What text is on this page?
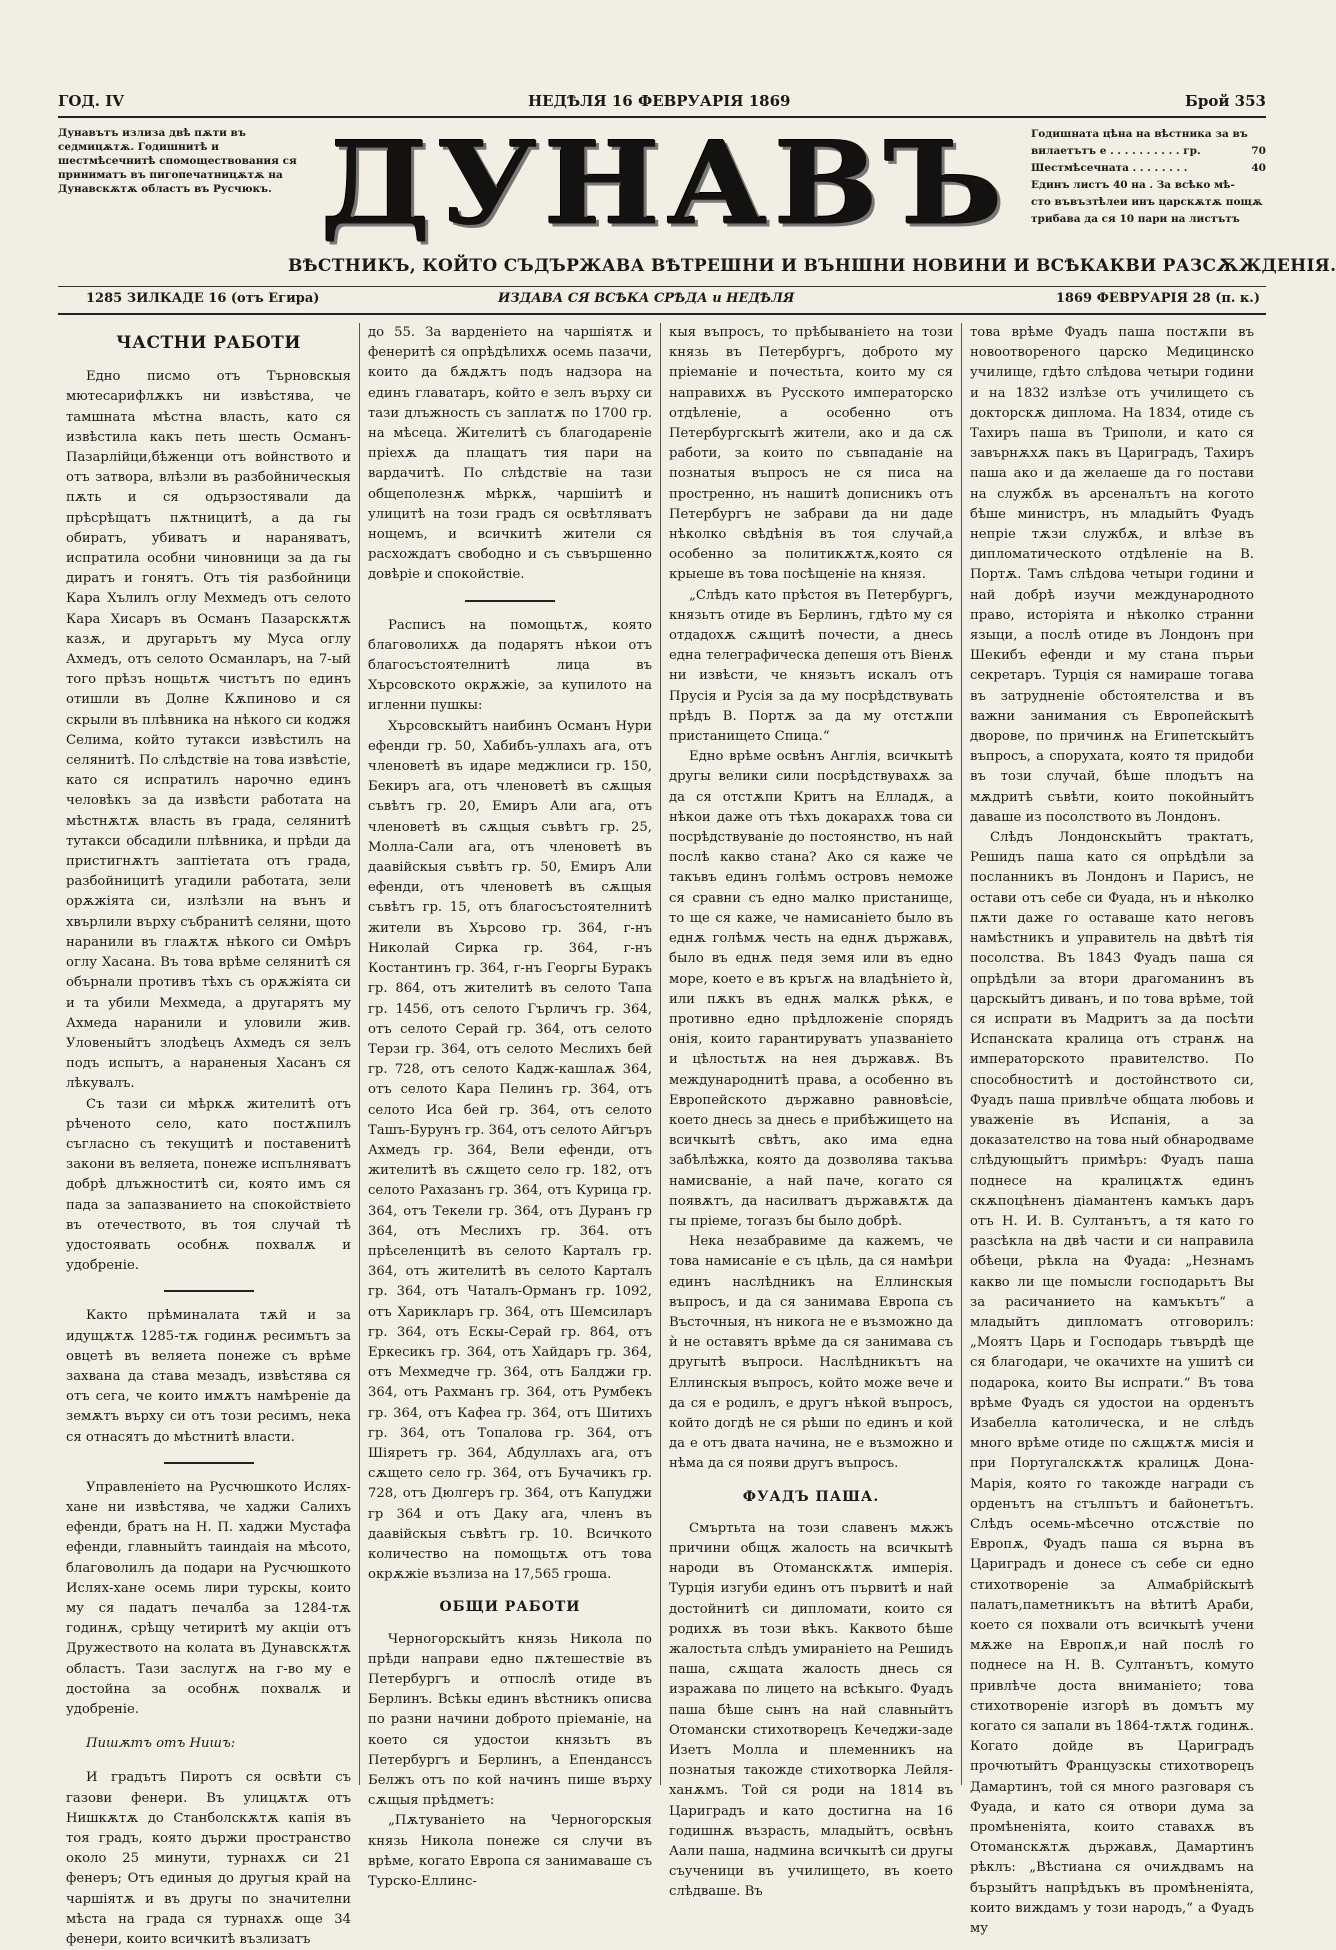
ГОД. IV	НЕДѢЛЯ 16 ФЕВРУАРІЯ 1869	Брой 353
Дунавътъ излиза двѣ пѫти въ седмицѫтѫ. Годишнитѣ и шестмѣсечнитѣ спомоществования ся приниматъ въ пигопечатницѫтѫ на Дунавскѫтѫ областъ въ Русчюкъ. ДУНАВЪ
ВѢСТНИКЪ, КОЙТО СЪДЪРЖАВА ВѢТРЕШНИ И ВЪНШНИ НОВИНИ И ВСѢКАКВИ РАЗСѪЖДЕНІЯ.
Годишната цѣна на вѣстника за въ
вилаетътъ е . . . . . . . . . . гр.	70
Шестмѣсечната . . . . . . . .	40
Единъ листъ 40 на . За всѣко мѣ-
сто въвъзтѣлеи инъ царскѫтѫ пощѫ
трибава да ся 10 пари на листътъ
1285 ЗИЛКАДЕ 16 (отъ Егира)	ИЗДАВА СЯ ВСѢКА СРѢДА и НЕДѢЛЯ	1869 ФЕВРУАРІЯ 28 (п. к.)
ЧАСТНИ РАБОТИ

Едно писмо отъ Търновскыя мютесарифлѫкъ ни извѣстява, че тамшната мѣстна власть, като ся извѣстила какъ петь шесть Османъ-Пазарлійци,бѣженци отъ войнството и отъ затвора, влѣзли въ разбойническыя пѫть и ся одързостявали да прѣсрѣщатъ пѫтницитѣ, а да гы обиратъ, убиватъ и нараняватъ, испратила особни чиновници за да гы диратъ и гонятъ. Отъ тія разбойници Кара Хълилъ оглу Мехмедъ отъ селото Кара Хисаръ въ Османъ Пазарскѫтѫ казѫ, и другарьтъ му Муса оглу Ахмедъ, отъ селото Османларъ, на 7-ый того прѣзъ нощьтѫ чистътъ по единъ отишли въ Долне Кѫпиново и ся скрыли въ плѣвника на нѣкого си коджя Селима, който тутакси извѣстилъ на селянитѣ. По слѣдствіе на това извѣстіе, като ся испратилъ нарочно единъ человѣкъ за да извѣсти работата на мѣстнѫтѫ власть въ града, селянитѣ тутакси обсадили плѣвника, и прѣди да пристигнѫтъ заптіетата отъ града, разбойницитѣ угадили работата, зели орѫжіята си, излѣзли на вънъ и хвърлили върху събранитѣ селяни, щото наранили въ глаѫтѫ нѣкого си Омѣръ оглу Хасана. Въ това врѣме селянитѣ ся обърнали противъ тѣхъ съ орѫжіята си и та убили Мехмеда, а другарятъ му Ахмеда наранили и уловили жив. Уловеныйтъ злодѣецъ Ахмедъ ся зелъ подъ испытъ, а нараненыя Хасанъ ся лѣкувалъ.

Съ тази си мѣркѫ жителитѣ отъ рѣченото село, като постѫпилъ съгласно съ текущитѣ и поставенитѣ закони въ веляета, понеже испълняватъ добрѣ длъжноститѣ си, която имъ ся пада за запазванието на спокойствіето въ отечеството, въ тоя случай тѣ удостоявать особнѫ похвалѫ и удобреніе.

Както прѣминалата тѫй и за идущѫтѫ 1285-тѫ годинѫ ресимътъ за овцетѣ въ веляета понеже съ врѣме захвана да става мезадъ, извѣстява ся отъ сега, че които имѫтъ намѣреніе да земѫтъ върху си отъ този ресимъ, нека ся отнасятъ до мѣстнитѣ власти.

Управленіето на Русчюшкото Ислях-хане ни извѣстява, че хаджи Салихъ ефенди, братъ на Н. П. хаджи Мустафа ефенди, главныйтъ таиндаія на мѣсото, благоволилъ да подари на Русчюшкото Ислях-хане осемь лири турскы, които му ся падатъ печалба за 1284-тѫ годинѫ, срѣщу четиритѣ му акціи отъ Дружеството на колата въ Дунавскѫтѫ областъ. Тази заслугѫ на г-во му е достойна за особнѫ похвалѫ и удобреніе.

Пишѫтъ отъ Нишъ:

И градътъ Пиротъ ся освѣти съ газови фенери. Въ улицѫтѫ отъ Нишкѫтѫ до Станболскѫтѫ капія въ тоя градъ, която държи пространство около 25 минути, турнахѫ си 21 фенеръ; Отъ единыя до другыя край на чаршіятѫ и въ другы по значителни мѣста на града ся турнахѫ още 34 фенери, които всичкитѣ възлизатъ

до 55. За варденіето на чаршіятѫ и фенеритѣ ся опрѣдѣлихѫ осемь пазачи, които да бѫдѫтъ подъ надзора на единъ главатаръ, който е зелъ върху си тази длъжность съ заплатѫ по 1700 гр. на мѣсеца. Жителитѣ съ благодареніе пріехѫ да плащатъ тия пари на вардачитѣ. По слѣдствіе на тази общеполезнѫ мѣркѫ, чаршіитѣ и улицитѣ на този градъ ся освѣтляватъ нощемъ, и всичкитѣ жители ся расхождатъ свободно и съ съвършенно довѣріе и спокойствіе.

Расписъ на помощьтѫ, която благоволихѫ да подарятъ нѣкои отъ благосъстоятелнитѣ лица въ Хърсовското окрѫжіе, за купилото на игленни пушкы:

Хърсовскыйтъ наибинъ Османъ Нури ефенди гр. 50, Хабибъ-уллахъ ага, отъ членоветѣ въ идаре меджлиси гр. 150, Бекиръ ага, отъ членоветѣ въ сѫщыя съвѣтъ гр. 20, Емиръ Али ага, отъ членоветѣ въ сѫщыя съвѣтъ гр. 25, Молла-Сали ага, отъ членоветѣ въ даавійскыя съвѣтъ гр. 50, Емиръ Али ефенди, отъ членоветѣ въ сѫщыя съвѣтъ гр. 15, отъ благосъстоятелнитѣ жители въ Хърсово гр. 364, г-нъ Николай Сирка гр. 364, г-нъ Костантинъ гр. 364, г-нъ Георгы Буракъ гр. 864, отъ жителитѣ въ селото Тапа гр. 1456, отъ селото Гърличъ гр. 364, отъ селото Серай гр. 364, отъ селото Терзи гр. 364, отъ селото Меслихъ бей гр. 728, отъ селото Кадж-кашлаѫ 364, отъ селото Кара Пелинъ гр. 364, отъ селото Иса бей гр. 364, отъ селото Ташъ-Бурунъ гр. 364, отъ селото Айгъръ Ахмедъ гр. 364, Вели ефенди, отъ жителитѣ въ сѫщето село гр. 182, отъ селото Рахазанъ гр. 364, отъ Курица гр. 364, отъ Текели гр. 364, отъ Дуранъ гр 364, отъ Меслихъ гр. 364. отъ прѣселенцитѣ въ селото Карталъ гр. 364, отъ жителитѣ въ селото Карталъ гр. 364, отъ Чаталъ-Орманъ гр. 1092, отъ Харикларъ гр. 364, отъ Шемсиларъ гр. 364, отъ Ескы-Серай гр. 864, отъ Еркесикъ гр. 364, отъ Хайдаръ гр. 364, отъ Мехмедче гр. 364, отъ Балджи гр. 364, отъ Рахманъ гр. 364, отъ Румбекъ гр. 364, отъ Кафеа гр. 364, отъ Шитихъ гр. 364, отъ Топалова гр. 364, отъ Шіяретъ гр. 364, Абдуллахъ ага, отъ сѫщето село гр. 364, отъ Бучачикъ гр. 728, отъ Дюлгеръ гр. 364, отъ Капуджи гр 364 и отъ Даку ага, членъ въ даавійскыя съвѣтъ гр. 10. Всичкото количество на помощьтѫ отъ това окрѫжіе възлиза на 17,565 гроша.

ОБЩИ РАБОТИ

Черногорскыйтъ князь Никола по прѣди направи едно пѫтешествіе въ Петербургъ и отпослѣ отиде въ Берлинъ. Всѣкы единъ вѣстникъ описва по разни начини доброто пріеманіе, на което ся удостои князьтъ въ Петербургъ и Берлинъ, а Епенданссъ Белжъ отъ по кой начинъ пише върху сѫщыя прѣдметъ:

„Пѫтуваніето на Черногорскыя князь Никола понеже ся случи въ врѣме, когато Европа ся занимаваше съ Турско-Еллинс-

кыя въпросъ, то прѣбываніето на този князь въ Петербургъ, доброто му пріеманіе и почестьта, които му ся направихѫ въ Русското императорско отдѣленіе, а особенно отъ Петербургскытѣ жители, ако и да сѫ работи, за които по съвпаданіе на познатыя въпросъ не ся писа на простренно, нъ нашитѣ дописникъ отъ Петербургъ не забрави да ни даде нѣколко свѣдѣнія въ тоя случай,а особенно за политикѫтѫ,която ся крыеше въ това посѣщеніе на князя.

„Слѣдъ като прѣстоя въ Петербургъ, князьтъ отиде въ Берлинъ, гдѣто му ся отдадохѫ сѫщитѣ почести, а днесь една телеграфическа депешя отъ Віенѫ ни извѣсти, че князьтъ искалъ отъ Прусія и Русія за да му посрѣдствувать прѣдъ В. Портѫ за да му отстѫпи пристанището Спица.“

Едно врѣме освѣнъ Англія, всичкытѣ другы велики сили посрѣдствувахѫ за да ся отстѫпи Критъ на Елладѫ, а нѣкои даже отъ тѣхъ докарахѫ това си посрѣдствуваніе до постоянство, нъ най послѣ какво стана? Ако ся каже че такъвъ единъ голѣмъ островъ неможе ся сравни съ едно малко пристанище, то ще ся каже, че намисаніето было въ еднѫ голѣмѫ честь на еднѫ държавѫ, было въ еднѫ педя земя или въ едно море, което е въ кръгѫ на владѣніето ѝ, или пѫкъ въ еднѫ малкѫ рѣкѫ, е противно едно прѣдложеніе спорядъ онія, които гарантируватъ упазваніето и цѣлостьтѫ на нея държавѫ. Въ международнитѣ права, а особенно въ Европейското държавно равновѣсіе, което днесь за днесь е прибѣжището на всичкытѣ свѣтъ, ако има една забѣлѣжка, която да дозволява такъва намисваніе, а най паче, когато ся появѫтъ, да насилватъ държавѫтѫ да гы пріеме, тогазъ бы было добрѣ.

Нека незабравиме да кажемъ, че това намисаніе е съ цѣль, да ся намѣри единъ наслѣдникъ на Еллинскыя въпросъ, и да ся занимава Европа съ Въсточныя, нъ никога не е възможно да ѝ не оставятъ врѣме да ся занимава съ другытѣ въпроси. Наслѣдникътъ на Еллинскыя въпросъ, който може вече и да ся е родилъ, е другъ нѣкой въпросъ, който догдѣ не ся рѣши по единъ и кой да е отъ двата начина, не е възможно и нѣма да ся появи другъ въпросъ.

ФУАДЪ ПАША.

Смъртьта на този славенъ мѫжъ причини общѫ жалость на всичкытѣ народи въ Отоманскѫтѫ имперія. Турція изгуби единъ отъ първитѣ и най достойнитѣ си дипломати, които ся родихѫ въ този вѣкъ. Каквото бѣше жалостьта слѣдъ умираніето на Решидъ паша, сѫщата жалость днесь ся изражава по лицето на всѣкыго. Фуадъ паша бѣше сынъ на най славныйтъ Отомански стихотворецъ Кечеджи-заде Изетъ Молла и племенникъ на познатыя такожде стихотворка Лейля-ханѫмъ. Той ся роди на 1814 въ Цариградъ и като достигна на 16 годишнѫ възрасть, младыйтъ, освѣнъ Аали паша, надмина всичкытѣ си другы съученици въ училището, въ което слѣдваше. Въ

това врѣме Фуадъ паша постѫпи въ новоотвореного царско Медицинско училище, гдѣто слѣдова четыри години и на 1832 излѣзе отъ училището съ докторскѫ диплома. На 1834, отиде съ Тахиръ паша въ Триполи, и като ся завърнѫхѫ пакъ въ Цариградъ, Тахиръ паша ако и да желаеше да го постави на службѫ въ арсеналътъ на когото бѣше министръ, нъ младыйтъ Фуадъ непріе тѫзи службѫ, и влѣзе въ дипломатическото отдѣленіе на В. Портѫ. Тамъ слѣдова четыри години и най добрѣ изучи международното право, исторіята и нѣколко странни языци, а послѣ отиде въ Лондонъ при Шекибъ ефенди и му стана пърьи секретаръ. Турція ся намираше тогава въ затрудненіе обстоятелства и въ важни занимания съ Европейскытѣ дворове, по причинѫ на Египетскыйтъ въпросъ, а спорухата, която тя придоби въ този случай, бѣше плодътъ на мѫдритѣ съвѣти, които покойныйтъ даваше из посолството въ Лондонъ.

Слѣдъ Лондонскыйтъ трактатъ, Решидъ паша като ся опрѣдѣли за посланникъ въ Лондонъ и Парисъ, не остави отъ себе си Фуада, нъ и нѣколко пѫти даже го оставаше като неговъ намѣстникъ и управитель на двѣтѣ тія посолства. Въ 1843 Фуадъ паша ся опрѣдѣли за втори драгоманинъ въ царскыйтъ диванъ, и по това врѣме, той ся испрати въ Мадритъ за да посѣти Испанската кралица отъ странѫ на императорското правителство. По способноститѣ и достойнството си, Фуадъ паша привлѣче общата любовь и уваженіе въ Испанія, а за доказателство на това ный обнародваме слѣдующыйтъ примѣръ: Фуадъ паша поднесе на кралицѫтѫ единъ скѫпоцѣненъ діамантенъ камъкъ даръ отъ Н. И. В. Султанътъ, а тя като го разсѣкла на двѣ части и си направила обѣеци, рѣкла на Фуада: „Незнамъ какво ли ще помысли господарьтъ Вы за расичанието на камъкътъ“ а младыйтъ дипломатъ отговорилъ: „Моятъ Царь и Господарь тъвърдѣ ще ся благодари, че окачихте на ушитѣ си подарока, които Вы испрати.“ Въ това врѣме Фуадъ ся удостои на орденътъ Изабелла католическа, и не слѣдъ много врѣме отиде по сѫщѫтѫ мисія и при Португалскѫтѫ кралицѫ Дона-Марія, която го такожде награди съ орденътъ на стълпътъ и байонетътъ. Слѣдъ осемь-мѣсечно отсѫствіе по Европѫ, Фуадъ паша ся върна въ Цариградъ и донесе съ себе си едно стихотвореніе за Алмабрійскытѣ палатъ,паметникътъ на вѣтитѣ Араби, което ся похвали отъ всичкытѣ учени мѫже на Европѫ,и най послѣ го поднесе на Н. В. Султанътъ, комуто привлѣче доста вниманіето; това стихотвореніе изгорѣ въ домътъ му когато ся запали въ 1864-тѫтѫ годинѫ. Когато дойде въ Цариградъ прочютыйтъ Французскы стихотворецъ Дамартинъ, той ся много разговаря съ Фуада, и като ся отвори дума за промѣненіята, които ставахѫ въ Отоманскѫтѫ държавѫ, Дамартинъ рѣклъ: „Вѣстиана ся очиѫдвамъ на бързыйтъ напрѣдъкъ въ промѣненіята, които виждамъ у този народъ,“ а Фуадъ му
